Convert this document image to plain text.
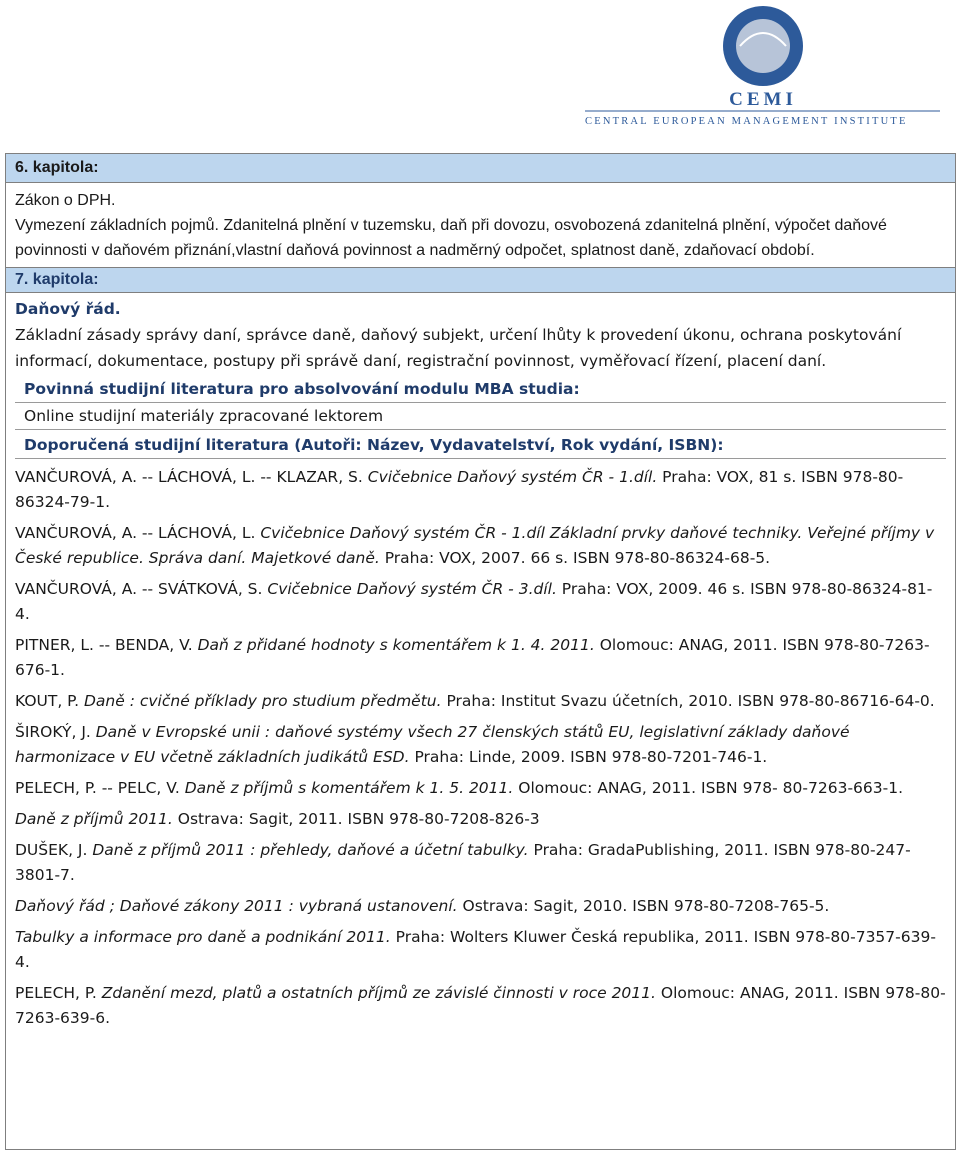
CEMI
CENTRAL EUROPEAN MANAGEMENT INSTITUTE
6. kapitola:

Zákon o DPH.

Vymezení základních pojmů. Zdanitelná plnění v tuzemsku, daň při dovozu, osvobozená zdanitelná plnění, výpočet daňové povinnosti v daňovém přiznání,vlastní daňová povinnost a nadměrný odpočet, splatnost daně, zdaňovací období.

7. kapitola:

Daňový řád.

Základní zásady správy daní, správce daně, daňový subjekt, určení lhůty k provedení úkonu, ochrana poskytování informací, dokumentace, postupy při správě daní, registrační povinnost, vyměřovací řízení, placení daní.

Povinná studijní literatura pro absolvování modulu MBA studia:

Online studijní materiály zpracované lektorem

Doporučená studijní literatura (Autoři: Název, Vydavatelství, Rok vydání, ISBN):

VANČUROVÁ, A. -- LÁCHOVÁ, L. -- KLAZAR, S. Cvičebnice Daňový systém ČR - 1.díl. Praha: VOX, 81 s. ISBN 978-80-86324-79-1.

VANČUROVÁ, A. -- LÁCHOVÁ, L. Cvičebnice Daňový systém ČR - 1.díl Základní prvky daňové techniky. Veřejné příjmy v České republice. Správa daní. Majetkové daně. Praha: VOX, 2007. 66 s. ISBN 978-80-86324-68-5.

VANČUROVÁ, A. -- SVÁTKOVÁ, S. Cvičebnice Daňový systém ČR - 3.díl. Praha: VOX, 2009. 46 s. ISBN 978-80-86324-81-4.

PITNER, L. -- BENDA, V. Daň z přidané hodnoty s komentářem k 1. 4. 2011. Olomouc: ANAG, 2011. ISBN 978-80-7263-676-1.

KOUT, P. Daně : cvičné příklady pro studium předmětu. Praha: Institut Svazu účetních, 2010. ISBN 978-80-86716-64-0.

ŠIROKÝ, J. Daně v Evropské unii : daňové systémy všech 27 členských států EU, legislativní základy daňové harmonizace v EU včetně základních judikátů ESD. Praha: Linde, 2009. ISBN 978-80-7201-746-1.

PELECH, P. -- PELC, V. Daně z příjmů s komentářem k 1. 5. 2011. Olomouc: ANAG, 2011. ISBN 978- 80-7263-663-1.

Daně z příjmů 2011. Ostrava: Sagit, 2011. ISBN 978-80-7208-826-3

DUŠEK, J. Daně z příjmů 2011 : přehledy, daňové a účetní tabulky. Praha: GradaPublishing, 2011. ISBN 978-80-247-3801-7.

Daňový řád ; Daňové zákony 2011 : vybraná ustanovení. Ostrava: Sagit, 2010. ISBN 978-80-7208-765-5.

Tabulky a informace pro daně a podnikání 2011. Praha: Wolters Kluwer Česká republika, 2011. ISBN 978-80-7357-639-4.

PELECH, P. Zdanění mezd, platů a ostatních příjmů ze závislé činnosti v roce 2011. Olomouc: ANAG, 2011. ISBN 978-80-7263-639-6.
